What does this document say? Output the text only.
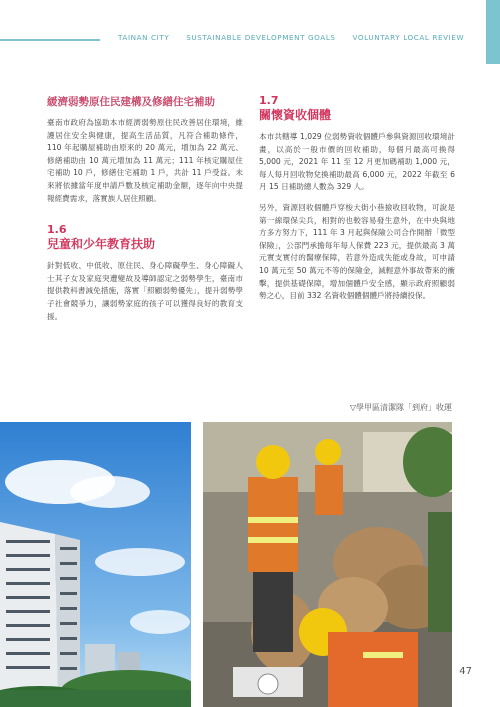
TAINAN CITY SUSTAINABLE DEVELOPMENT GOALS VOLUNTARY LOCAL REVIEW
緩濟弱勢原住民建構及修繕住宅補助

臺南市政府為協助本市經濟弱勢原住民改善居住環境，維護居住安全與健康，提高生活品質，凡符合補助條件，110 年起購屋補助由原來的 20 萬元，增加為 22 萬元、修繕補助由 10 萬元增加為 11 萬元；111 年核定購屋住宅補助 10 戶，修繕住宅補助 1 戶，共計 11 戶受益。未來將依據當年度申請戶數及核定補助金額，逐年向中央提報經費需求，落實族人居住照顧。

1.6

兒童和少年教育扶助

針對低收、中低收、原住民、身心障礙學生、身心障礙人士其子女及家庭突遭變故及導師認定之弱勢學生，臺南市提供教科書減免措施，落實「照顧弱勢優先」，提升弱勢學子社會競爭力，讓弱勢家庭的孩子可以獲得良好的教育支援。

1.7

關懷資收個體

本市共轄導 1,029 位弱勢資收個體戶參與資源回收環境計畫，以高於一般市價的回收補助，每個月最高可換得 5,000 元，2021 年 11 至 12 月更加碼補助 1,000 元，每人每月回收物兌換補助最高 6,000 元，2022 年截至 6 月 15 日補助總人數為 329 人。

另外，資源回收個體戶穿梭大街小巷撿收回收物，可說是第一線環保尖兵，相對的也較容易發生意外，在中央與地方多方努力下，111 年 3 月起與保險公司合作開辦「微型保險」，公部門承擔每年每人保費 223 元，提供最高 3 萬元實支實付的醫療保障，若意外造成失能或身故，可申請 10 萬元至 50 萬元不等的保險金，減輕意外事故帶來的衝擊，提供基礎保障，增加個體戶安全感，顯示政府照顧弱勢之心，目前 332 名資收個體個體戶將持續投保。

▽學甲區清潔隊「到府」收運
47
